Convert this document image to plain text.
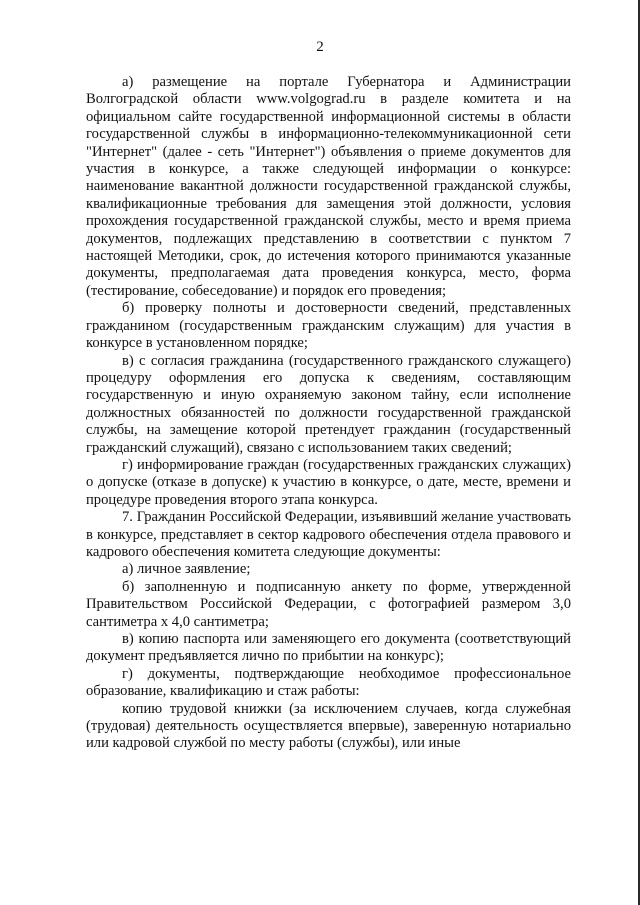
2

а) размещение на портале Губернатора и Администрации Волгоградской области www.volgograd.ru в разделе комитета и на официальном сайте государственной информационной системы в области государственной службы в информационно-телекоммуникационной сети "Интернет" (далее - сеть "Интернет") объявления о приеме документов для участия в конкурсе, а также следующей информации о конкурсе: наименование вакантной должности государственной гражданской службы, квалификационные требования для замещения этой должности, условия прохождения государственной гражданской службы, место и время приема документов, подлежащих представлению в соответствии с пунктом 7 настоящей Методики, срок, до истечения которого принимаются указанные документы, предполагаемая дата проведения конкурса, место, форма (тестирование, собеседование) и порядок его проведения;

б) проверку полноты и достоверности сведений, представленных гражданином (государственным гражданским служащим) для участия в конкурсе в установленном порядке;

в) с согласия гражданина (государственного гражданского служащего) процедуру оформления его допуска к сведениям, составляющим государственную и иную охраняемую законом тайну, если исполнение должностных обязанностей по должности государственной гражданской службы, на замещение которой претендует гражданин (государственный гражданский служащий), связано с использованием таких сведений;

г) информирование граждан (государственных гражданских служащих) о допуске (отказе в допуске) к участию в конкурсе, о дате, месте, времени и процедуре проведения второго этапа конкурса.

7. Гражданин Российской Федерации, изъявивший желание участвовать в конкурсе, представляет в сектор кадрового обеспечения отдела правового и кадрового обеспечения комитета следующие документы:

а) личное заявление;

б) заполненную и подписанную анкету по форме, утвержденной Правительством Российской Федерации, с фотографией размером 3,0 сантиметра x 4,0 сантиметра;

в) копию паспорта или заменяющего его документа (соответствующий документ предъявляется лично по прибытии на конкурс);

г) документы, подтверждающие необходимое профессиональное образование, квалификацию и стаж работы:

копию трудовой книжки (за исключением случаев, когда служебная (трудовая) деятельность осуществляется впервые), заверенную нотариально или кадровой службой по месту работы (службы), или иные
